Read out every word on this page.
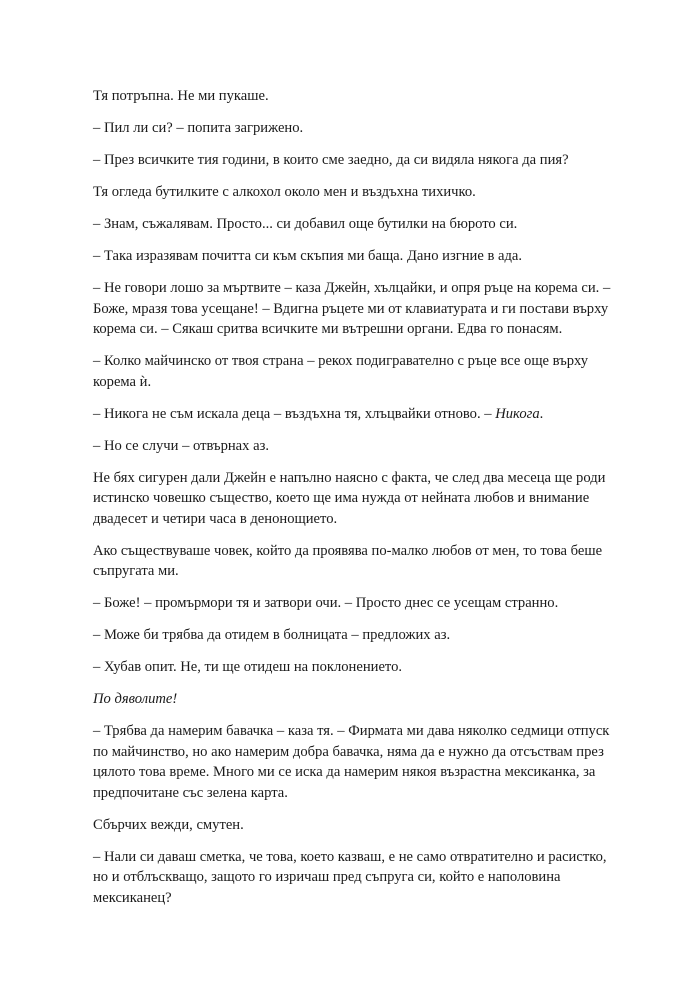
Тя потръпна. Не ми пукаше.

– Пил ли си? – попита загрижено.

– През всичките тия години, в които сме заедно, да си видяла някога да пия?

Тя огледа бутилките с алкохол около мен и въздъхна тихичко.

– Знам, съжалявам. Просто... си добавил още бутилки на бюрото си.

– Така изразявам почитта си към скъпия ми баща. Дано изгние в ада.

– Не говори лошо за мъртвите – каза Джейн, хълцайки, и опря ръце на корема си. – Боже, мразя това усещане! – Вдигна ръцете ми от клавиатурата и ги постави върху корема си. – Сякаш сритва всичките ми вътрешни органи. Едва го понасям.

– Колко майчинско от твоя страна – рекох подигравателно с ръце все още върху корема ѝ.

– Никога не съм искала деца – въздъхна тя, хлъцвайки отново. – Никога.

– Но се случи – отвърнах аз.

Не бях сигурен дали Джейн е напълно наясно с факта, че след два месеца ще роди истинско човешко същество, което ще има нужда от нейната любов и внимание двадесет и четири часа в денонощието.

Ако съществуваше човек, който да проявява по-малко любов от мен, то това беше съпругата ми.

– Боже! – промърмори тя и затвори очи. – Просто днес се усещам странно.

– Може би трябва да отидем в болницата – предложих аз.

– Хубав опит. Не, ти ще отидеш на поклонението.

По дяволите!

– Трябва да намерим бавачка – каза тя. – Фирмата ми дава няколко седмици отпуск по майчинство, но ако намерим добра бавачка, няма да е нужно да отсъствам през цялото това време. Много ми се иска да намерим някоя възрастна мексиканка, за предпочитане със зелена карта.

Сбърчих вежди, смутен.

– Нали си даваш сметка, че това, което казваш, е не само отвратително и расистко, но и отблъскващо, защото го изричаш пред съпруга си, който е наполовина мексиканец?
